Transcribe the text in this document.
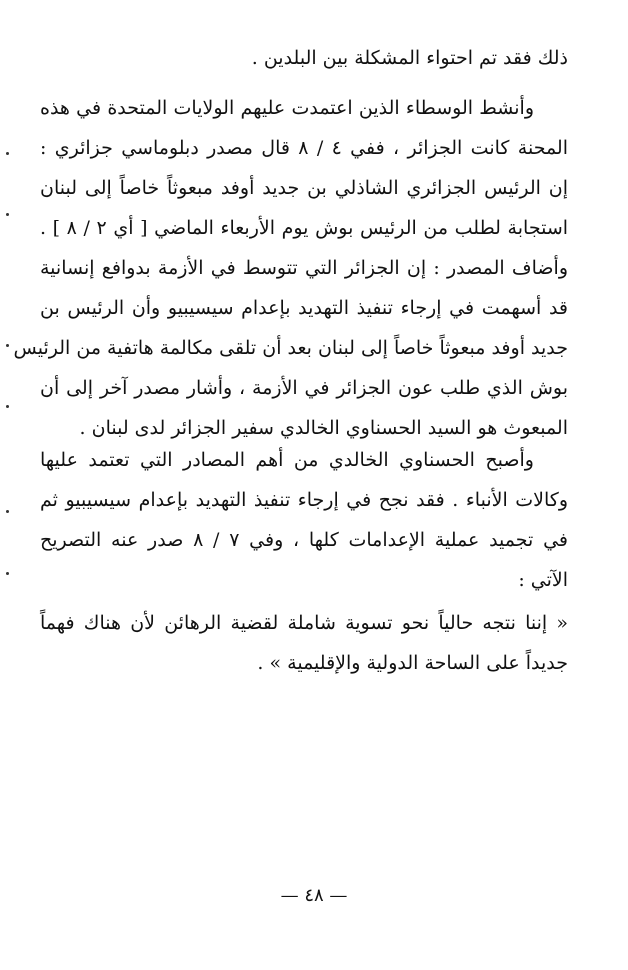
ذلك فقد تم احتواء المشكلة بين البلدين .
وأنشط الوسطاء الذين اعتمدت عليهم الولايات المتحدة في هذه
المحنة كانت الجزائر ، ففي ٤ / ٨ قال مصدر دبلوماسي جزائري :
إن الرئيس الجزائري الشاذلي بن جديد أوفد مبعوثاً خاصاً إلى لبنان
استجابة لطلب من الرئيس بوش يوم الأربعاء الماضي [ أي ٢ / ٨ ] .
وأضاف المصدر : إن الجزائر التي تتوسط في الأزمة بدوافع إنسانية
قد أسهمت في إرجاء تنفيذ التهديد بإعدام سيسيبيو وأن الرئيس بن
جديد أوفد مبعوثاً خاصاً إلى لبنان بعد أن تلقى مكالمة هاتفية من الرئيس
بوش الذي طلب عون الجزائر في الأزمة ، وأشار مصدر آخر إلى أن
المبعوث هو السيد الحسناوي الخالدي سفير الجزائر لدى لبنان .
وأصبح الحسناوي الخالدي من أهم المصادر التي تعتمد عليها
وكالات الأنباء . فقد نجح في إرجاء تنفيذ التهديد بإعدام سيسيبيو ثم
في تجميد عملية الإعدامات كلها ، وفي ٧ / ٨ صدر عنه التصريح
الآتي :
« إننا نتجه حالياً نحو تسوية شاملة لقضية الرهائن لأن هناك فهماً
جديداً على الساحة الدولية والإقليمية » .
— ٤٨ —
